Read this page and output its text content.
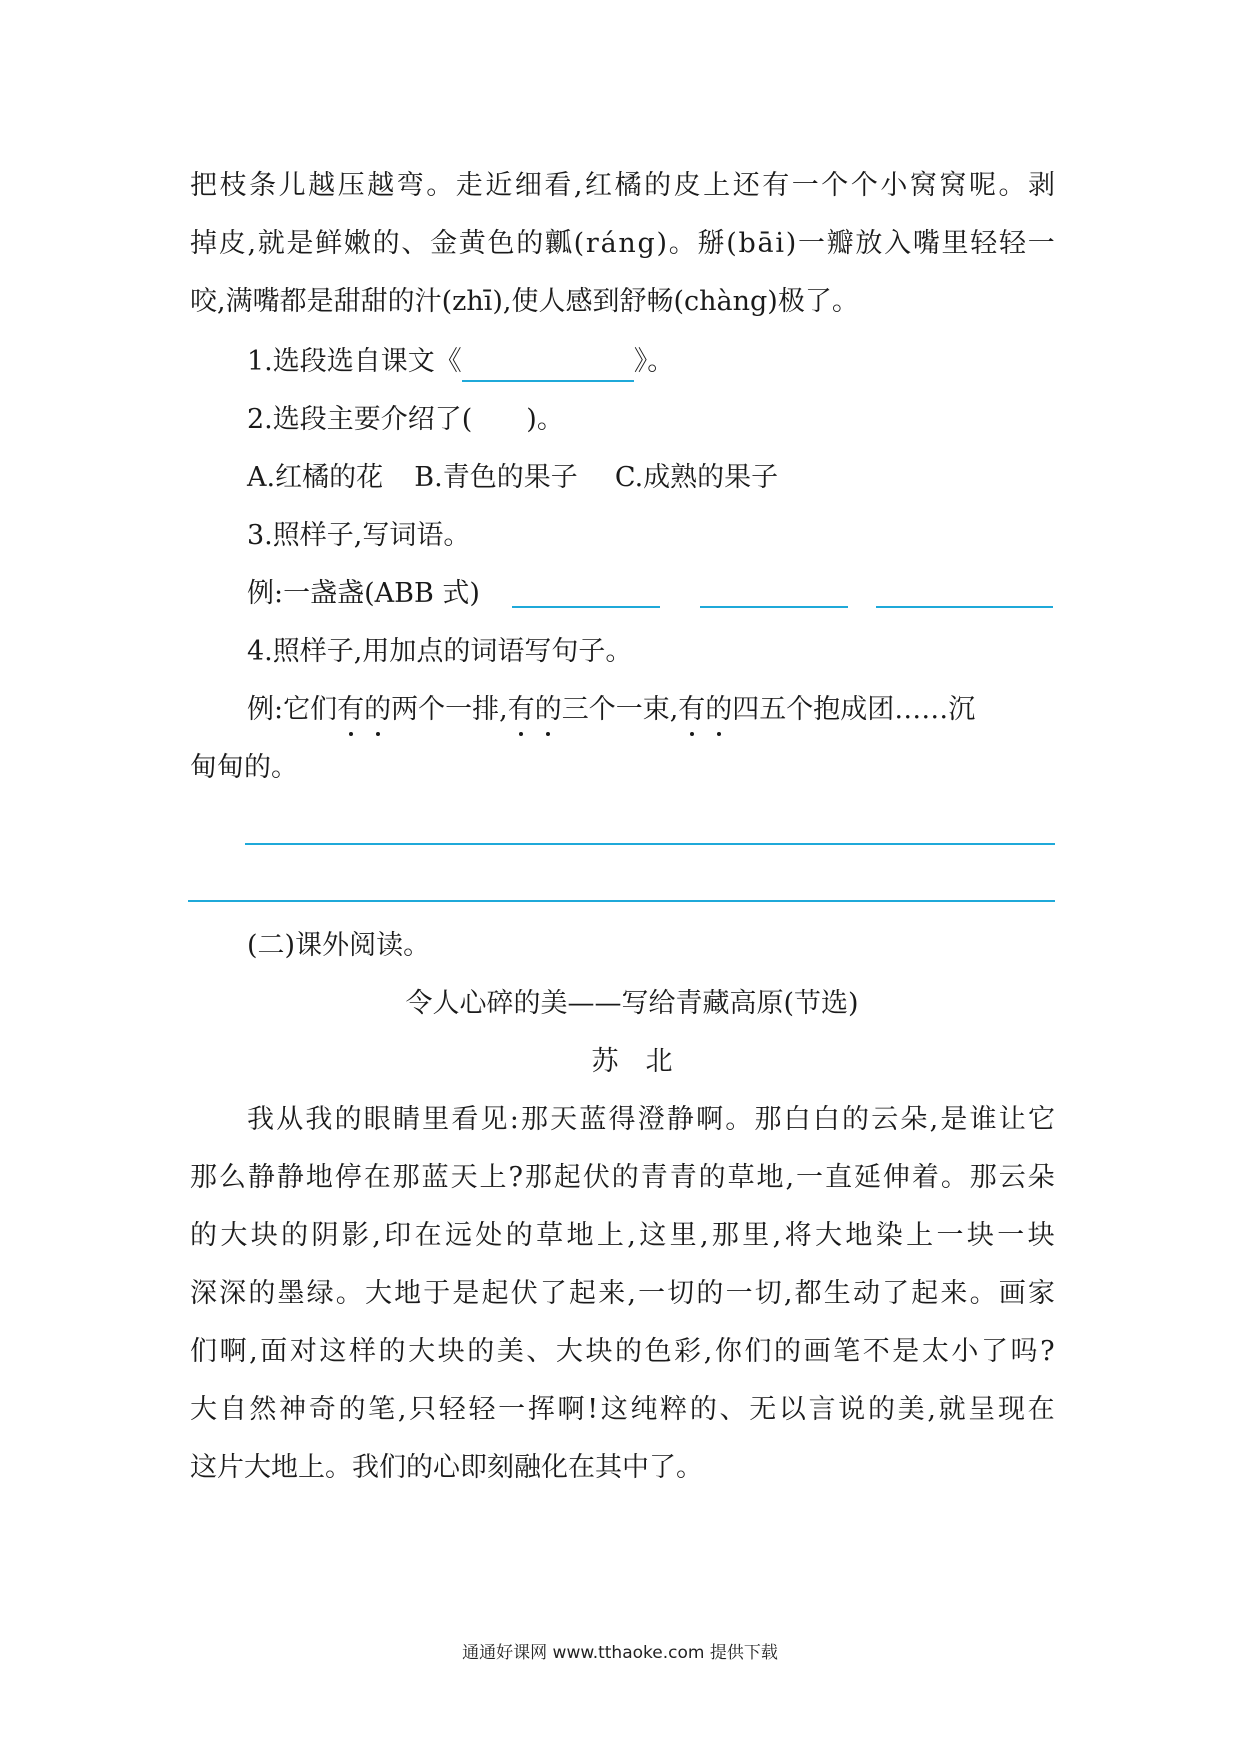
把 枝 条 儿 越 压 越 弯 。 走 近 细 看 , 红 橘 的 皮 上 还 有 一 个 个 小 窝 窝 呢 。 剥
掉 皮 , 就 是 鲜 嫩 的 、 金 黄 色 的 瓤 ( r á n g ) 。 掰 ( b ā i ) 一 瓣 放 入 嘴 里 轻 轻 一
咬,满嘴都是甜甜的汁(zhī),使人感到舒畅(chàng)极了。
1.选段选自课文《	》。
2.选段主要介绍了(　　)。
A.红橘的花 B.青色的果子 C.成熟的果子
3.照样子,写词语。
例:一盏盏(ABB 式)
4.照样子,用加点的词语写句子。
例:它们有的两个一排,有的三个一束,有的四五个抱成团……沉
甸甸的。
(二)课外阅读。
令人心碎的美——写给青藏高原(节选)
苏　北
我 从 我 的 眼 睛 里 看 见 : 那 天 蓝 得 澄 静 啊 。 那 白 白 的 云 朵 , 是 谁 让 它
那 么 静 静 地 停 在 那 蓝 天 上 ? 那 起 伏 的 青 青 的 草 地 , 一 直 延 伸 着 。 那 云 朵
的 大 块 的 阴 影 , 印 在 远 处 的 草 地 上 , 这 里 , 那 里 , 将 大 地 染 上 一 块 一 块
深 深 的 墨 绿 。 大 地 于 是 起 伏 了 起 来 , 一 切 的 一 切 , 都 生 动 了 起 来 。 画 家
们 啊 , 面 对 这 样 的 大 块 的 美 、 大 块 的 色 彩 , 你 们 的 画 笔 不 是 太 小 了 吗 ?
大 自 然 神 奇 的 笔 , 只 轻 轻 一 挥 啊 ! 这 纯 粹 的 、 无 以 言 说 的 美 , 就 呈 现 在
这片大地上。我们的心即刻融化在其中了。
通通好课网 www.tthaoke.com 提供下载
